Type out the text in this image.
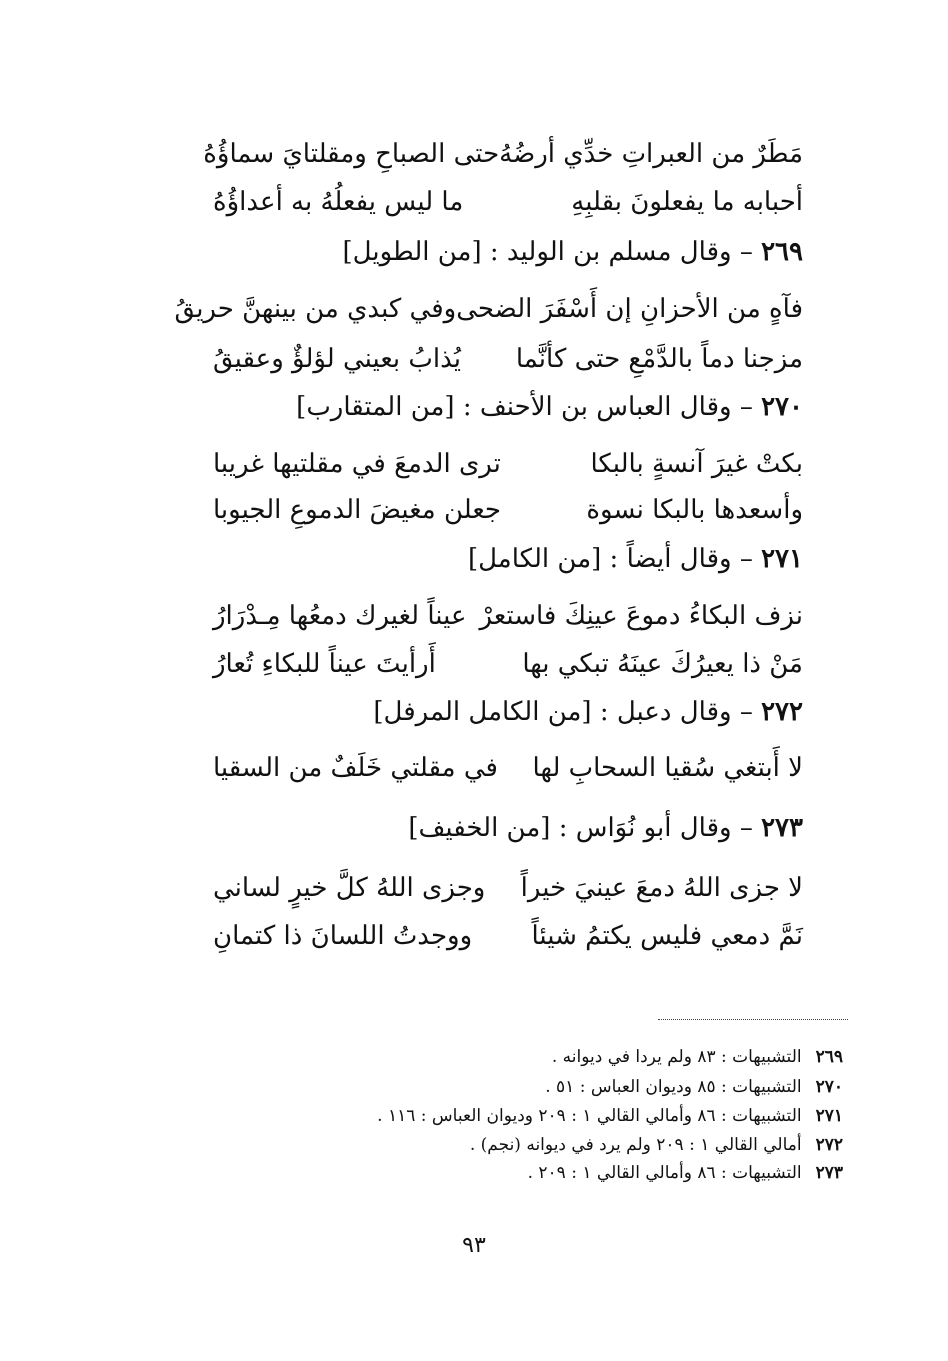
مَطَرٌ من العبراتِ خدِّي أرضُهُ
حتى الصباحِ ومقلتايَ سماؤُهُ
أحبابه ما يفعلونَ بقلبِهِ
ما ليس يفعلُهُ به أعداؤُهُ
٢٦٩ – وقال مسلم بن الوليد : [من الطويل]
فآهٍ من الأحزانِ إن أَسْفَرَ الضحى
وفي كبدي من بينهنَّ حريقُ
مزجنا دماً بالدَّمْعِ حتى كأنَّما
يُذابُ بعيني لؤلؤٌ وعقيقُ
٢٧٠ – وقال العباس بن الأحنف : [من المتقارب]
بكتْ غيرَ آنسةٍ بالبكا
ترى الدمعَ في مقلتيها غريبا
وأسعدها بالبكا نسوة
جعلن مغيضَ الدموعِ الجيوبا
٢٧١ – وقال أيضاً : [من الكامل]
نزف البكاءُ دموعَ عينِكَ فاستعرْ
عيناً لغيرك دمعُها مِـدْرَارُ
مَنْ ذا يعيرُكَ عينَهُ تبكي بها
أَرأيتَ عيناً للبكاءِ تُعارُ
٢٧٢ – وقال دعبل : [من الكامل المرفل]
لا أَبتغي سُقيا السحابِ لها
في مقلتي خَلَفٌ من السقيا
٢٧٣ – وقال أبو نُوَاس : [من الخفيف]
لا جزى اللهُ دمعَ عينيَ خيراً
وجزى اللهُ كلَّ خيرٍ لساني
نَمَّ دمعي فليس يكتمُ شيئاً
ووجدتُ اللسانَ ذا كتمانِ
٢٦٩
التشبيهات : ٨٣ ولم يردا في ديوانه .
٢٧٠
التشبيهات : ٨٥ وديوان العباس : ٥١ .
٢٧١
التشبيهات : ٨٦ وأمالي القالي ١ : ٢٠٩ وديوان العباس : ١١٦ .
٢٧٢
أمالي القالي ١ : ٢٠٩ ولم يرد في ديوانه (نجم) .
٢٧٣
التشبيهات : ٨٦ وأمالي القالي ١ : ٢٠٩ .
٩٣
